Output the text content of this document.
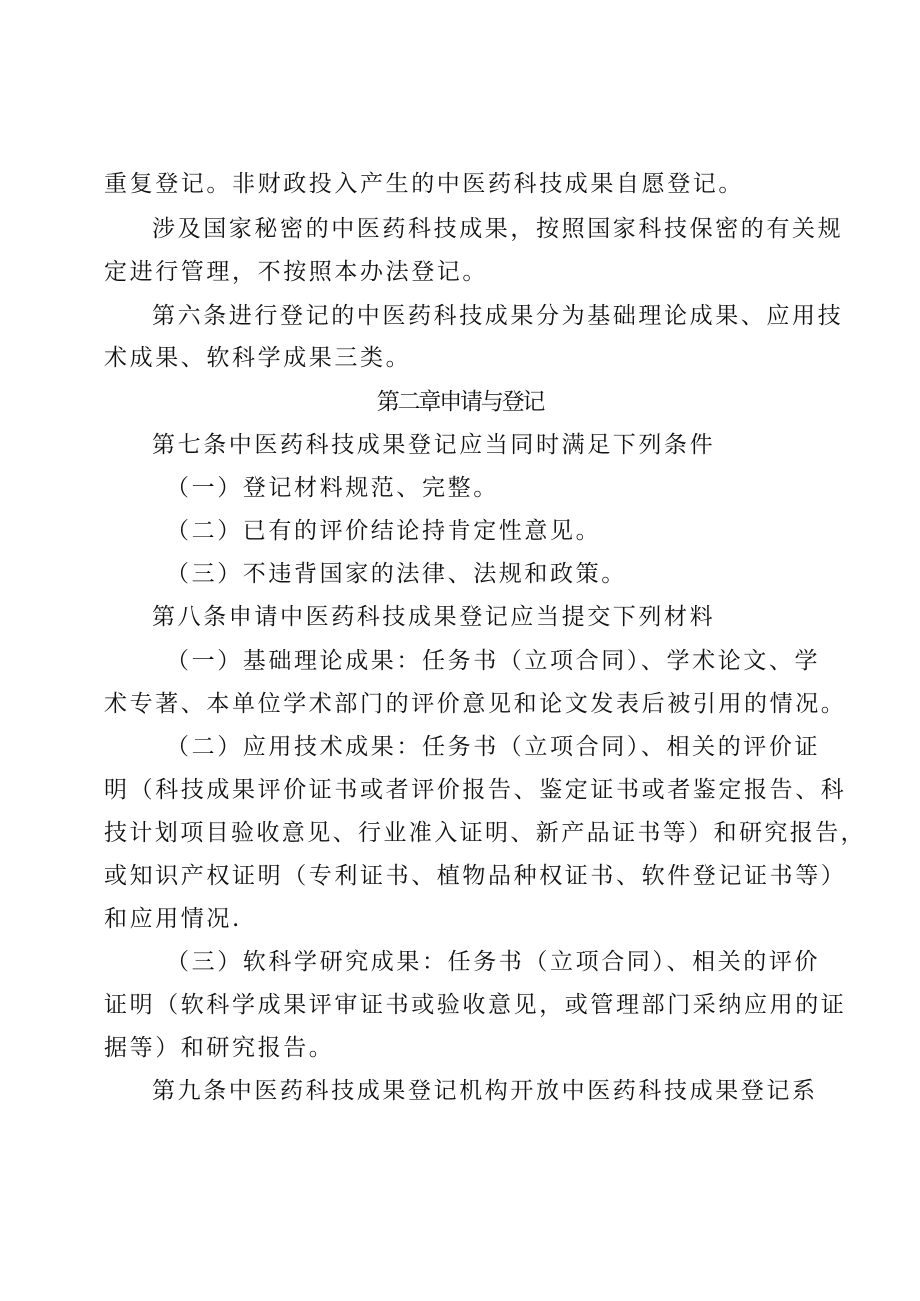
重复登记。非财政投入产生的中医药科技成果自愿登记。
涉及国家秘密的中医药科技成果，按照国家科技保密的有关规
定进行管理，不按照本办法登记。
第六条进行登记的中医药科技成果分为基础理论成果、应用技
术成果、软科学成果三类。
第二章申请与登记
第七条中医药科技成果登记应当同时满足下列条件
（一）登记材料规范、完整。
（二）已有的评价结论持肯定性意见。
（三）不违背国家的法律、法规和政策。
第八条申请中医药科技成果登记应当提交下列材料
（一）基础理论成果：任务书（立项合同）、学术论文、学
术专著、本单位学术部门的评价意见和论文发表后被引用的情况。
（二）应用技术成果：任务书（立项合同）、相关的评价证
明（科技成果评价证书或者评价报告、鉴定证书或者鉴定报告、科
技计划项目验收意见、行业准入证明、新产品证书等）和研究报告，
或知识产权证明（专利证书、植物品种权证书、软件登记证书等）
和应用情况.
（三）软科学研究成果：任务书（立项合同）、相关的评价
证明（软科学成果评审证书或验收意见，或管理部门采纳应用的证
据等）和研究报告。
第九条中医药科技成果登记机构开放中医药科技成果登记系
